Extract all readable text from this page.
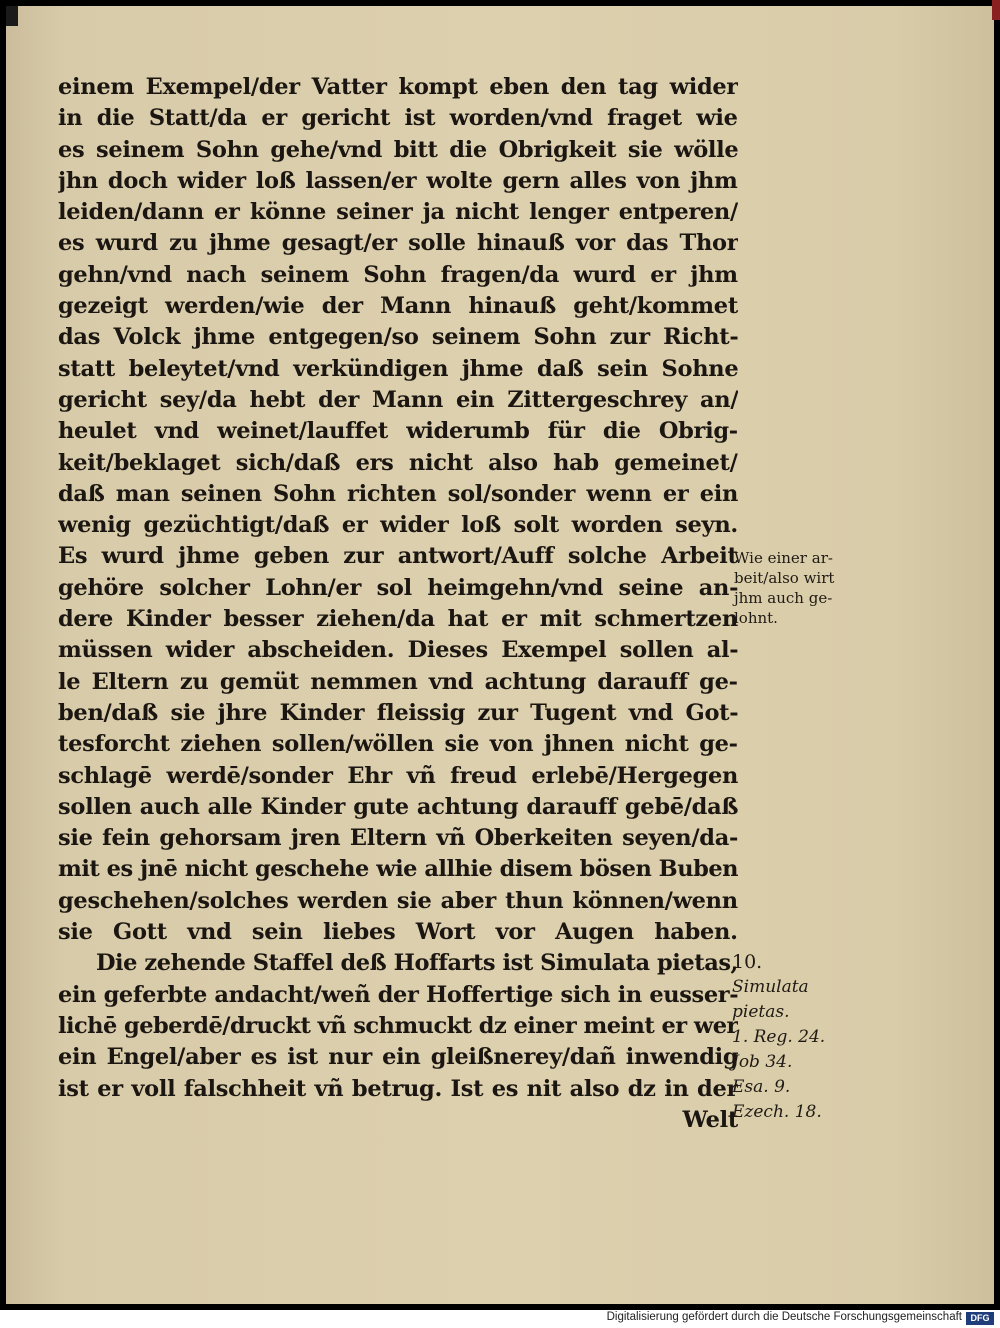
einem Exempel/der Vatter kompt eben den tag wider
in die Statt/da er gericht ist worden/vnd fraget wie
es seinem Sohn gehe/vnd bitt die Obrigkeit sie wölle
jhn doch wider loß lassen/er wolte gern alles von jhm
leiden/dann er könne seiner ja nicht lenger entperen/
es wurd zu jhme gesagt/er solle hinauß vor das Thor
gehn/vnd nach seinem Sohn fragen/da wurd er jhm
gezeigt werden/wie der Mann hinauß geht/kommet
das Volck jhme entgegen/so seinem Sohn zur Richt-
statt beleytet/vnd verkündigen jhme daß sein Sohne
gericht sey/da hebt der Mann ein Zittergeschrey an/
heulet vnd weinet/lauffet widerumb für die Obrig-
keit/beklaget sich/daß ers nicht also hab gemeinet/
daß man seinen Sohn richten sol/sonder wenn er ein
wenig gezüchtigt/daß er wider loß solt worden seyn.
Es wurd jhme geben zur antwort/Auff solche Arbeit
gehöre solcher Lohn/er sol heimgehn/vnd seine an-
dere Kinder besser ziehen/da hat er mit schmertzen
müssen wider abscheiden. Dieses Exempel sollen al-
le Eltern zu gemüt nemmen vnd achtung darauff ge-
ben/daß sie jhre Kinder fleissig zur Tugent vnd Got-
tesforcht ziehen sollen/wöllen sie von jhnen nicht ge-
schlagē werdē/sonder Ehr vñ freud erlebē/Hergegen
sollen auch alle Kinder gute achtung darauff gebē/daß
sie fein gehorsam jren Eltern vñ Oberkeiten seyen/da-
mit es jnē nicht geschehe wie allhie disem bösen Buben
geschehen/solches werden sie aber thun können/wenn
sie Gott vnd sein liebes Wort vor Augen haben.
Die zehende Staffel deß Hoffarts ist Simulata pietas,
ein geferbte andacht/weñ der Hoffertige sich in eusser-
lichē geberdē/druckt vñ schmuckt dz einer meint er wer
ein Engel/aber es ist nur ein gleißnerey/dañ inwendig
ist er voll falschheit vñ betrug. Ist es nit also dz in der
Welt
Wie einer ar-
beit/also wirt
jhm auch ge-
lohnt.
10.
Simulata
pietas.
1. Reg. 24.
Job 34.
Esa. 9.
Ezech. 18.
Digitalisierung gefördert durch die Deutsche Forschungsgemeinschaft DFG
